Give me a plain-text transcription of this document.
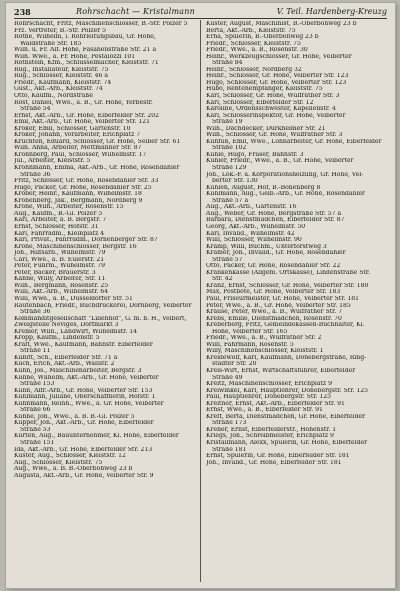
238	Rohrschacht — Kristalmann	V. Teil. Hardenberg-Kreuzg
Rohrschacht, Fritz, Maschinenschlosser, B.-Str. Polzer 5
Frz. Vertreter, B.-Str. Polzer 5
Rothe, Wilhelm, i. Rohrleitungsbau, Gr. Höhe,
Waldstraße Str. 185
Wilh. u. Fr. Alf. Höhe, Fasanenstraße Str. 21 a
Wilh. Wwe., a. Fr. Höhe, Pestalozzi 101
Rothstein, Kfm., Schlüsselmacher, Kleiststr. 71
Rug., Installateur, Kleiststr. 75
Rug., Schlosser, Kleiststr. 46 a
Friedr., Kaufmann, Kleiststr. 74
Gust., Akt.-Arb., Kleiststr. 74
Otto, Kaufm., Nordstraße
Rost, Daniel, Wwe., a. B., Gr. Höhe, Yerbestr.
Straße 54
Ernst, Akt.-Arb., Gr. Höhe, Elberfelder Str. 202
Emil, Akt.-Arb., Gr. Höhe, Velberter Str. 121
Kroker, Emil, Schlosser, Gartenstr. 10
Kroker, Johann, Vorarbeiter, Erichplatz 7
Krüchten, Eduard, Schlosser, Gr. Höhe, Selber Str. 61
Wilh. Anna, Arbeiter, Mettmanner Str. 87
Krohnberg, Paul, Schlosser, Wilhelmstr. 17
Jul., Arbeiter, Kleiststr. 5
Kröhnmann, Emma, Akt.-Arb., Gr. Höhe, Rosendahler
Straße 36
Fritz, Schlosser, Gr. Höhe, Rosendahler Str. 33
Hugo, Packer, Gr. Höhe, Rosendahler Str. 25
Kröber, Heinr., Kaufmann, Wilhelmstr. 18
Kronenberg, Jak., Bergmann, Nordberg 9
Krone, Wilh., Arbeiter, Rosenstr. 15
Aug., Kaufm., B.-Gl. Polzer 5
Karl, Arbeiter, a. B. Bergstr. 7
Ernst, Schlosser, Hofstr. 31
Karl, Fahrradm., Kleinplatz 4
Karl, Privat., Fahrradm., Dornenberger Str. 87
Krone, Maschinenschlosser, Bergstr. 16
Joh., Hilfsarb., Wilhelmstr. 79
Carl, Wwe., a. B. Eulerstr. 21
Peter, Fuhrm., Wilhelmstr. 79
Peter, Bäcker, Brauerstr. 3
Kähne, Willy, Arbeiter, Str. 11
Wilh., Bergmann, Rosenstr. 25
Willi, Akt.-Arb., Wilhelmstr. 64
Willi, Wwe., a. B., Düsseldorfer Str. 51
Rautenbach, Friedr., Buchdruckerei, Dornberg, Velberter
Straße 36
Kommanditgesellschaft "Lilienhof", G. m. b. H., Velbert,
Zweigstelle Neviges, Dorfmarkt 3
Kremer, Wilh., Landwirt, Wilhelmstr. 14
Kropp, Kaufm., Lindenstr. 5
Kraft, Wwe., Kaufmann, Bahnstr. Elberfelder
Straße 11
Kubitt, Sch., Elberfelder Str. 71 a
Küch, Erich, Akt.-Arb., Wallstr. 2
Kühn, Jos., Maschinenarbeiter, Bergstr. 3
Kühne, Wilhelm, Akt.-Arb., Gr. Höhe, Velberter
Straße 153
Kuhn, Alfr.-Arb., Gr. Höhe, Velberter Str. 153
Kuhlmann, Juliane, Oberschaffnerin, Hofstr. 1
Kuhnmann, Reinh., Wwe., a. Gr. Höhe, Velberter
Straße 66
Kühne, Joh., Wwe., a. B. B.-Gl. Polzer 5
Küpper, Joh., Akt.-Arb., Gr. Höhe, Elberfelder
Straße 53
Kürten, Aug., Bauunternehmer, Kl. Höhe, Elberfelder
Straße 151
Ida, Akt.-Arb., Gr. Höhe, Elberfelder Str. 213
Küster, Aug., Schlosser, Kleiststr. 12
Aug., Schlosser, Kleiststr. 75
Aug., Wwe., a. B. B.-Oberbohweg 23 b
Augusta, Akt.-Arb., Gr. Höhe, Velberter Str. 9
Küster, August, Maschinist, B.-Oberbohweg 23 b
Berta, Akt.-Arb., Kleiststr. 75
Erna, Spulerin, B.-Oberbohweg 23 b
Friedr., Schlosser, Kleiststr. 75
Friedr., Wwe., a. B., Rosenstr. 30
Heinr., Werkzeugschlosser, Gr. Höhe, Velberter
Straße 84
Heinr., Schlosser, Nordberg 32
Heinr., Schlosser, Gr. Höhe, Velberter Str. 123
Hugo, Schlosser, Gr. Höhe, Velberter Str. 123
Hubo, Rentenempfänger, Kleiststr. 75
Karl, Schlosser, Gr. Höhe, Wülfrather Str. 3
Karl, Schlosser, Elberfelder Str. 12
Karoline, Ordensschwester, Kapellenstr. 4
Karl, Schlosserinspektor, Gr. Höhe, Velberter
Straße 19
Wilh., Dachdecker, Dürkheimer Str. 21
Wilh., Schlosser, Gr. Höhe, Wülfrather Str. 3
Kuhfuß, Emil, Wwe., Lohnarbeiter, Gr. Höhe, Elberfelder
Straße 102
Kuhle, Hugo, Fräser, Bahnstr. 3
Kühler, Friedr., Wwe., a. B., Gr. Höhe, Velberter
Straße 129
Joh., Lok.-F. a. Korporationsheizung, Gr. Höhe, Vel-
berter Str. 130
Kuhlen, August, Hof, B.-Bonenberg 8
Kuhlmann, Aug., Gelb.-Arb., Gr. Höhe, Rosendahler
Straße 57 a
Aug., Akt.-Arb., Gartenstr. 16
Aug., Weber, Gr. Höhe, Bergstraße Str. 57 a
Barbara, Dienstmädchen, Elberfelder Str. 87
Georg, Akt.-Arb., Wilhelmstr. 50
Karl, Invalid., Wilhelmstr. 42
Willi, Schlosser, Wilhelmstr. 90
Kramp, Willi, Buchm., Unterforstweg 3
Kramer, Joh., Invalid., Gr. Höhe, Rosendahler
Straße 57
Otto, Packer, Gr. Höhe, Rosendahler Str. 22
Krankenkasse (Allgem. Ortskasse), Lindenstraße Str.
Str. 42
Kranz, Ernst, Schlosser, Gr. Höhe, Velberter Str. 180
Max, Postbote, Gr. Höhe, Velberter Str. 183
Paul, Friseurmeister, Gr. Höhe, Velberter Str. 181
Peter, Wwe., a. B., Gr. Höhe, Velberter Str. 185
Krause, Peter, Wwe., a. B., Wülfrather Str. 7
Krebs, Emilie, Dienstmädchen, Rosenstr. 70
Kreberberg, Fritz, Gemeindekassen-Buchhalter, Kl.
Höhe, Velberter Str. 165
Friedr., Wwe., a. B., Wülfrather Str. 2
Willi, Fahrmann, Rosenstr. 5
Willy, Maschinenschlosser, Kleiststr. 1
Kreidewolf, Karl, Kaufmann, Dönebergstraße, Ring-
städter Str. 20
Kreis-Wirt, Ernst, Wirtschaftsführer, Elberfelder
Straße 49
Kreitz, Maschinenschlosser, Erichplatz 9
Kreiwinkel, Karl, Hauptlehrer, Dönebergstr. Str. 125
Paul, Hauptlehrer, Dönebergstr. Str. 125
Kreitner, Ernst, Akt.-Arb., Elberfelder Str. 91
Ernst, Wwe., a. B., Elberfelder Str. 91
Kreft, Berta, Dienstmädchen, Gr. Höhe, Elberfelder
Straße 173
Kreher, Ernst, Elberfelderstr., Höhenstr. 1
Kriegs, Joh., Schreibmeister, Erichplatz 9
Kristallmann, Alexx, Spulerin, Gr. Höhe, Elberfelder
Straße 181
Ernst, Spulerin, Gr. Höhe, Elberfelder Str. 181
Joh., Invalid., Gr. Höhe, Elberfelder Str. 181
